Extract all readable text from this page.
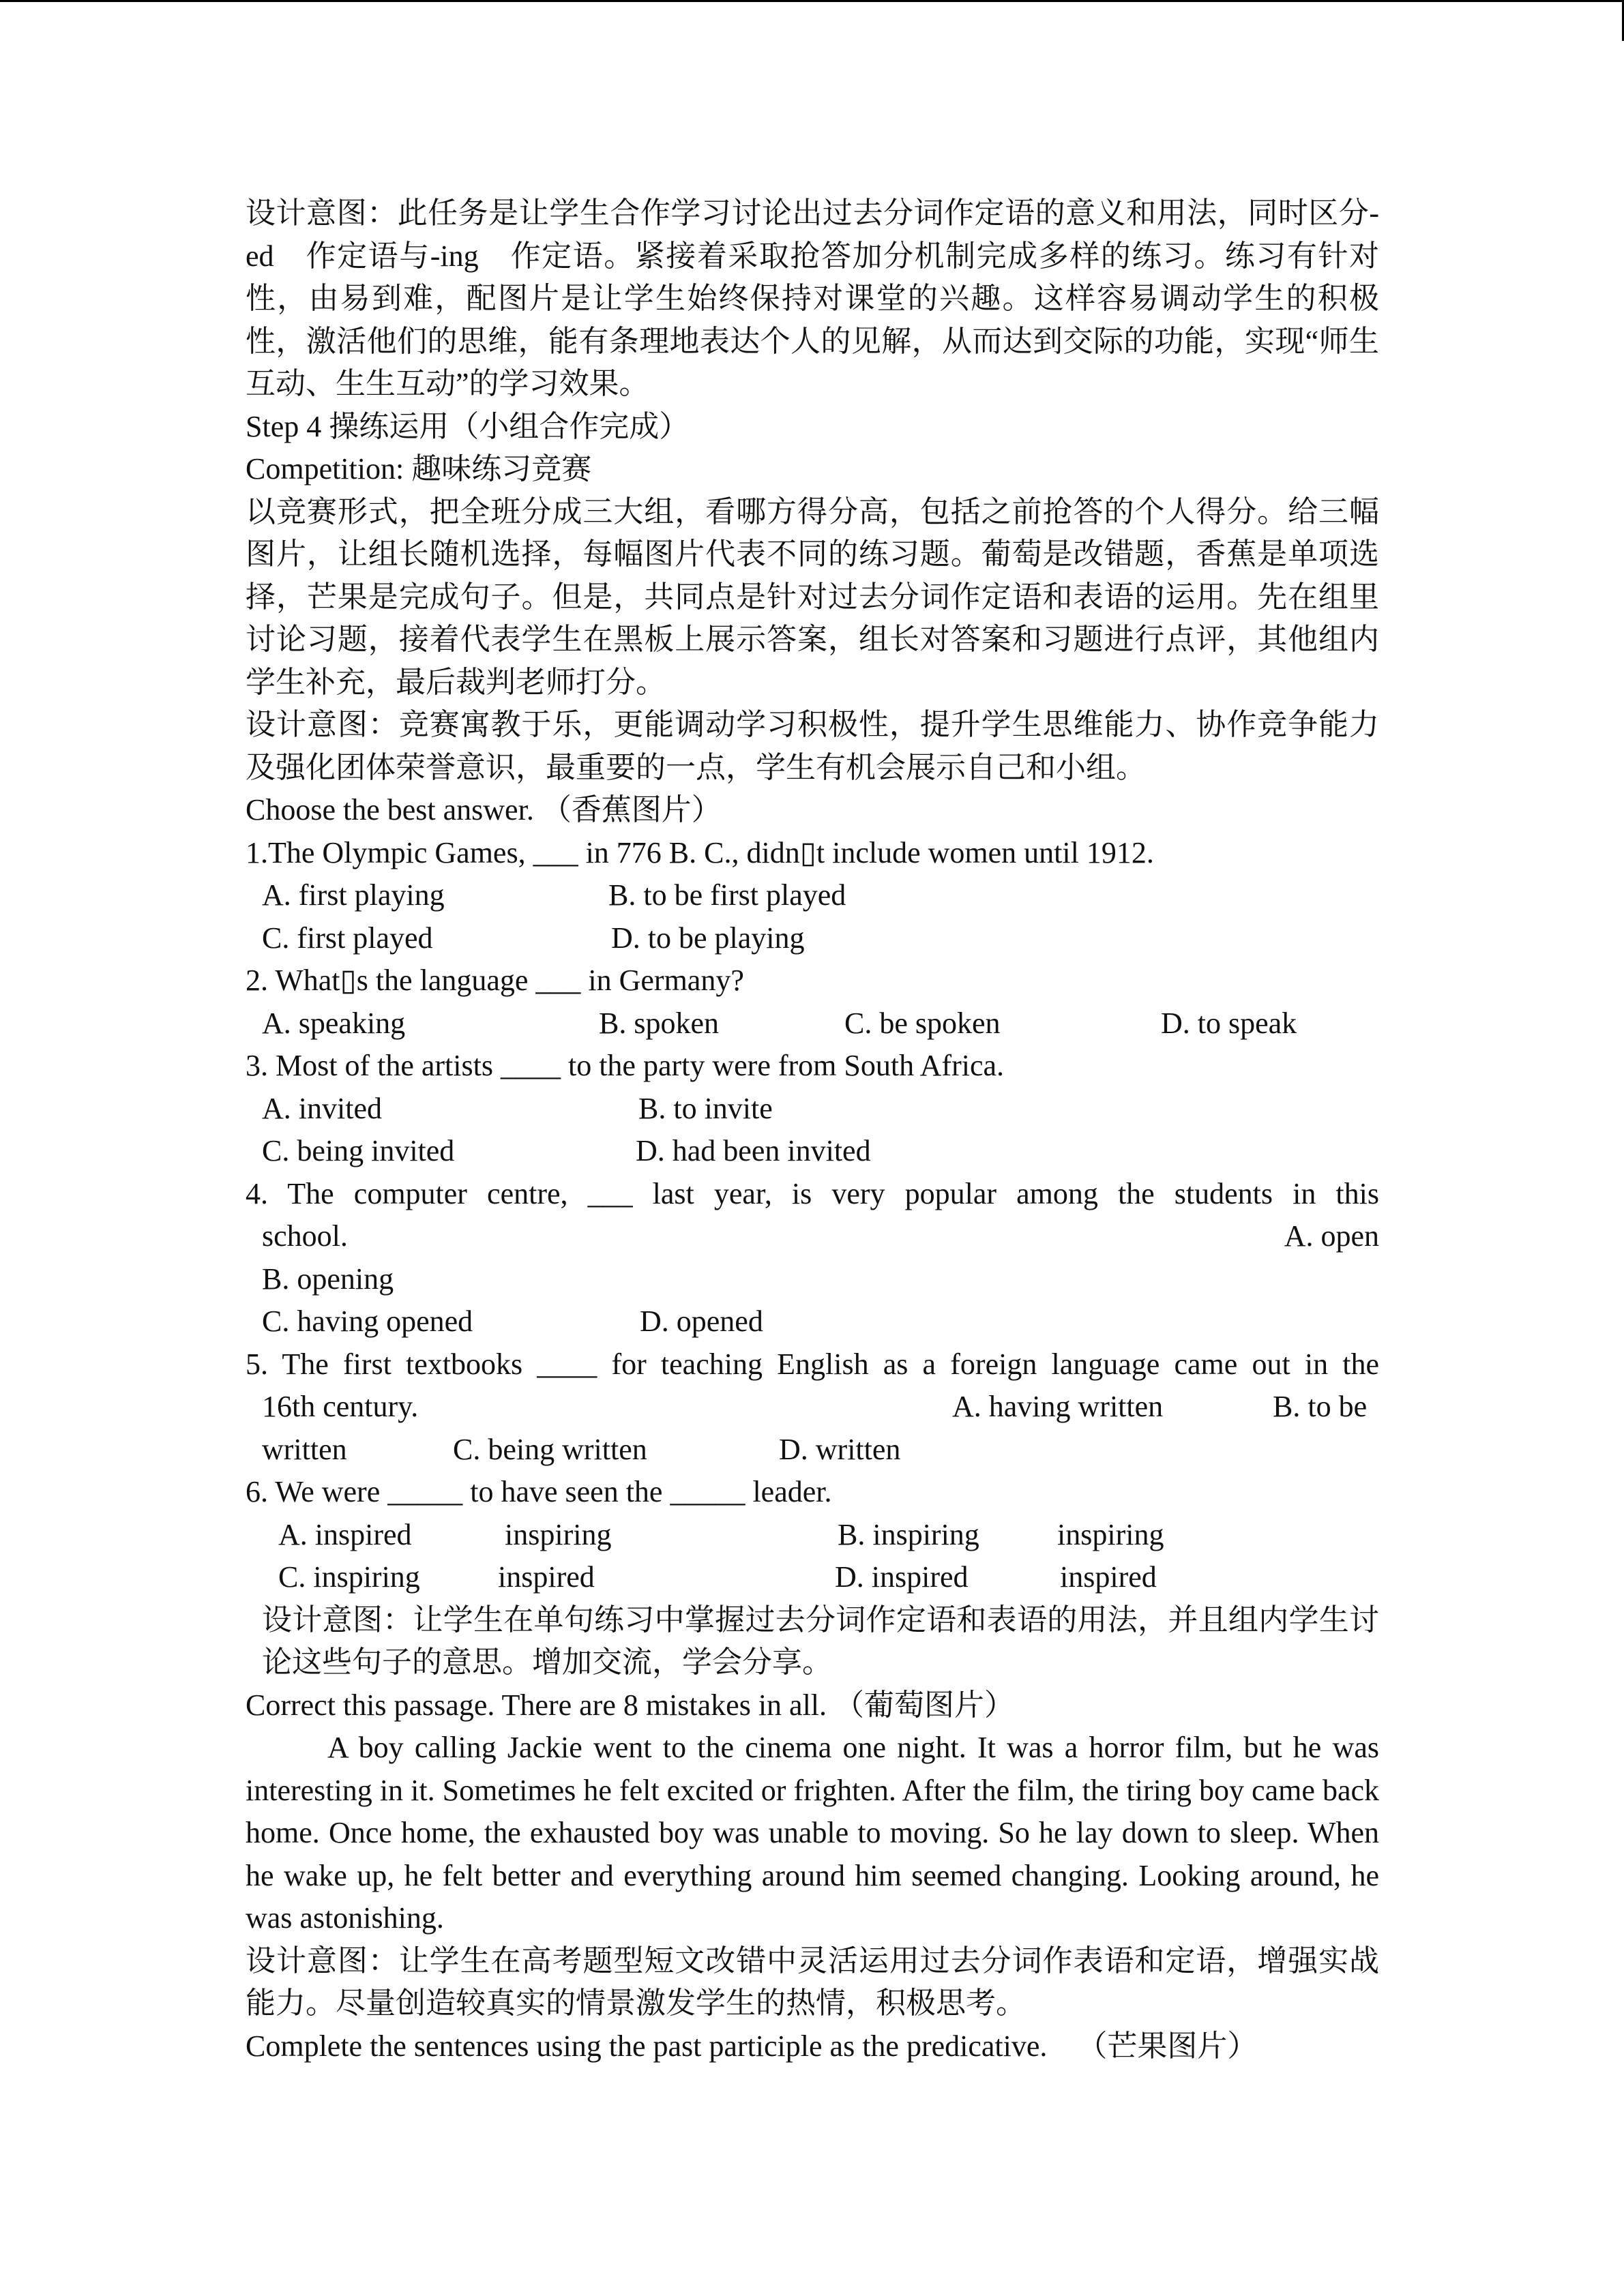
设计意图：此任务是让学生合作学习讨论出过去分词作定语的意义和用法，同时区分-ed　作定语与-ing　作定语。紧接着采取抢答加分机制完成多样的练习。练习有针对性，由易到难，配图片是让学生始终保持对课堂的兴趣。这样容易调动学生的积极性，激活他们的思维，能有条理地表达个人的见解，从而达到交际的功能，实现“师生互动、生生互动”的学习效果。

Step 4 操练运用（小组合作完成）

Competition: 趣味练习竞赛

以竞赛形式，把全班分成三大组，看哪方得分高，包括之前抢答的个人得分。给三幅图片，让组长随机选择，每幅图片代表不同的练习题。葡萄是改错题，香蕉是单项选择，芒果是完成句子。但是，共同点是针对过去分词作定语和表语的运用。先在组里讨论习题，接着代表学生在黑板上展示答案，组长对答案和习题进行点评，其他组内学生补充，最后裁判老师打分。

设计意图：竞赛寓教于乐，更能调动学习积极性，提升学生思维能力、协作竞争能力及强化团体荣誉意识，最重要的一点，学生有机会展示自己和小组。

Choose the best answer. （香蕉图片）

1.The Olympic Games, ___ in 776 B. C., didn▯t include women until 1912.

A. first playing	B. to be first played
C. first played	D. to be playing

2. What▯s the language ___ in Germany?

A. speaking	B. spoken	C. be spoken	D. to speak

3. Most of the artists ____ to the party were from South Africa.

A. invited	B. to invite
C. being invited	D. had been invited

4. The computer centre, ___ last year, is very popular among the students in this

school.	A. open
B. opening
C. having opened	D. opened

5. The first textbooks ____ for teaching English as a foreign language came out in the

16th century.	A. having written	B. to be
written	C. being written	D. written

6. We were _____ to have seen the _____ leader.

A. inspired	inspiring	B. inspiring	inspiring
C. inspiring	inspired	D. inspired	inspired

设计意图：让学生在单句练习中掌握过去分词作定语和表语的用法，并且组内学生讨论这些句子的意思。增加交流，学会分享。

Correct this passage. There are 8 mistakes in all. （葡萄图片）

A boy calling Jackie went to the cinema one night. It was a horror film, but he was interesting in it. Sometimes he felt excited or frighten. After the film, the tiring boy came back home. Once home, the exhausted boy was unable to moving. So he lay down to sleep. When he wake up, he felt better and everything around him seemed changing. Looking around, he was astonishing.

设计意图：让学生在高考题型短文改错中灵活运用过去分词作表语和定语，增强实战能力。尽量创造较真实的情景激发学生的热情，积极思考。

Complete the sentences using the past participle as the predicative.    （芒果图片）
